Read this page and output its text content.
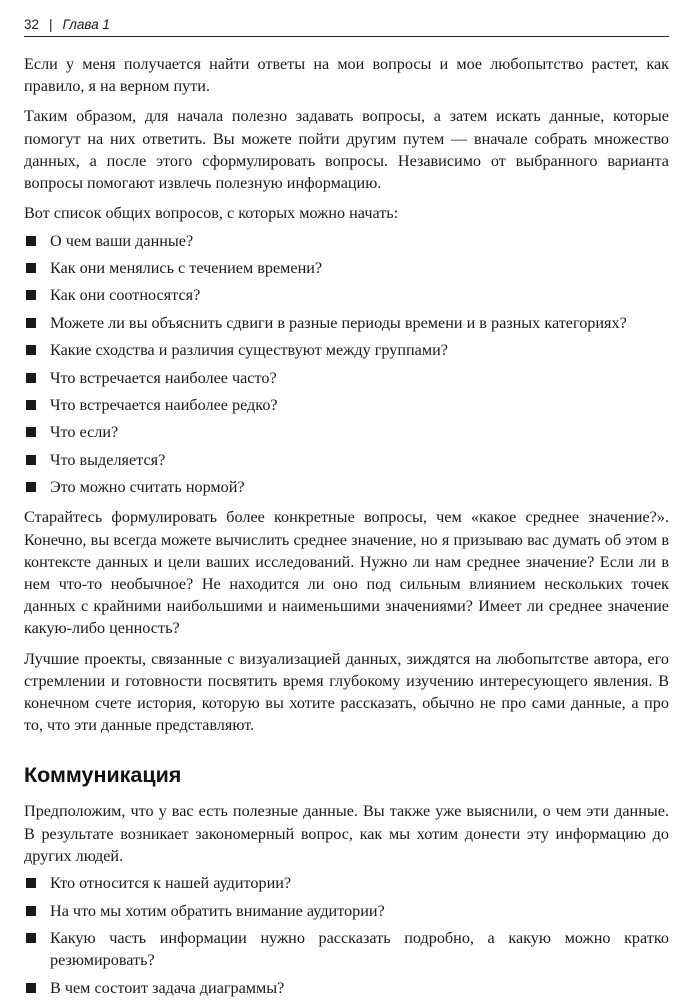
32 | Глава 1

Если у меня получается найти ответы на мои вопросы и мое любопытство растет, как правило, я на верном пути.

Таким образом, для начала полезно задавать вопросы, а затем искать данные, которые помогут на них ответить. Вы можете пойти другим путем — вначале собрать множество данных, а после этого сформулировать вопросы. Независимо от выбранного варианта вопросы помогают извлечь полезную информацию.

Вот список общих вопросов, с которых можно начать:

О чем ваши данные?
Как они менялись с течением времени?
Как они соотносятся?
Можете ли вы объяснить сдвиги в разные периоды времени и в разных категориях?
Какие сходства и различия существуют между группами?
Что встречается наиболее часто?
Что встречается наиболее редко?
Что если?
Что выделяется?
Это можно считать нормой?

Старайтесь формулировать более конкретные вопросы, чем «какое среднее значение?». Конечно, вы всегда можете вычислить среднее значение, но я призываю вас думать об этом в контексте данных и цели ваших исследований. Нужно ли нам среднее значение? Если ли в нем что-то необычное? Не находится ли оно под сильным влиянием нескольких точек данных с крайними наибольшими и наименьшими значениями? Имеет ли среднее значение какую-либо ценность?

Лучшие проекты, связанные с визуализацией данных, зиждятся на любопытстве автора, его стремлении и готовности посвятить время глубокому изучению интересующего явления. В конечном счете история, которую вы хотите рассказать, обычно не про сами данные, а про то, что эти данные представляют.

Коммуникация

Предположим, что у вас есть полезные данные. Вы также уже выяснили, о чем эти данные. В результате возникает закономерный вопрос, как мы хотим донести эту информацию до других людей.

Кто относится к нашей аудитории?
На что мы хотим обратить внимание аудитории?
Какую часть информации нужно рассказать подробно, а какую можно кратко резюмировать?
В чем состоит задача диаграммы?
